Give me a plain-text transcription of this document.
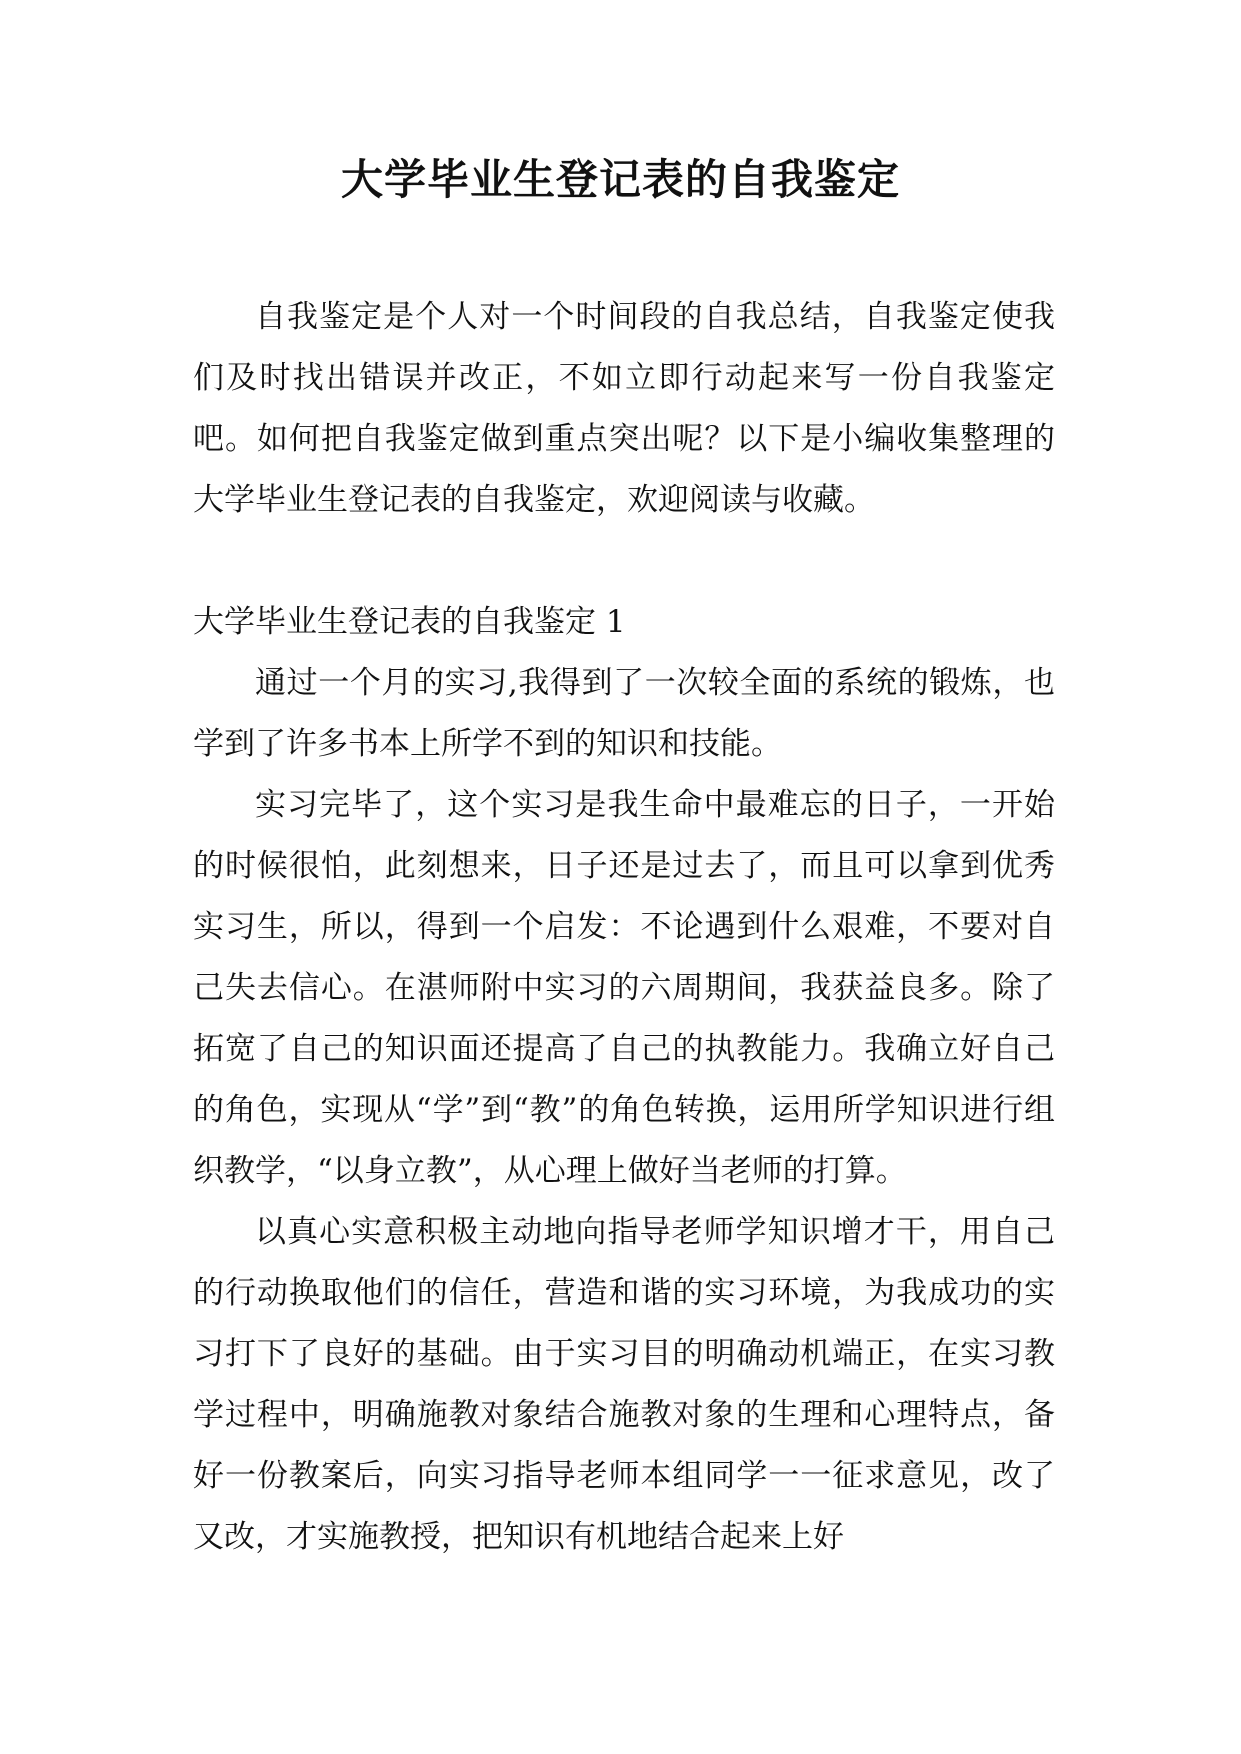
大学毕业生登记表的自我鉴定

自我鉴定是个人对一个时间段的自我总结，自我鉴定使我们及时找出错误并改正，不如立即行动起来写一份自我鉴定吧。如何把自我鉴定做到重点突出呢？以下是小编收集整理的大学毕业生登记表的自我鉴定，欢迎阅读与收藏。

大学毕业生登记表的自我鉴定 1

通过一个月的实习,我得到了一次较全面的系统的锻炼，也学到了许多书本上所学不到的知识和技能。

实习完毕了，这个实习是我生命中最难忘的日子，一开始的时候很怕，此刻想来，日子还是过去了，而且可以拿到优秀实习生，所以，得到一个启发：不论遇到什么艰难，不要对自己失去信心。在湛师附中实习的六周期间，我获益良多。除了拓宽了自己的知识面还提高了自己的执教能力。我确立好自己的角色，实现从“学”到“教”的角色转换，运用所学知识进行组织教学，“以身立教”，从心理上做好当老师的打算。

以真心实意积极主动地向指导老师学知识增才干，用自己的行动换取他们的信任，营造和谐的实习环境，为我成功的实习打下了良好的基础。由于实习目的明确动机端正，在实习教学过程中，明确施教对象结合施教对象的生理和心理特点，备好一份教案后，向实习指导老师本组同学一一征求意见，改了又改，才实施教授，把知识有机地结合起来上好
